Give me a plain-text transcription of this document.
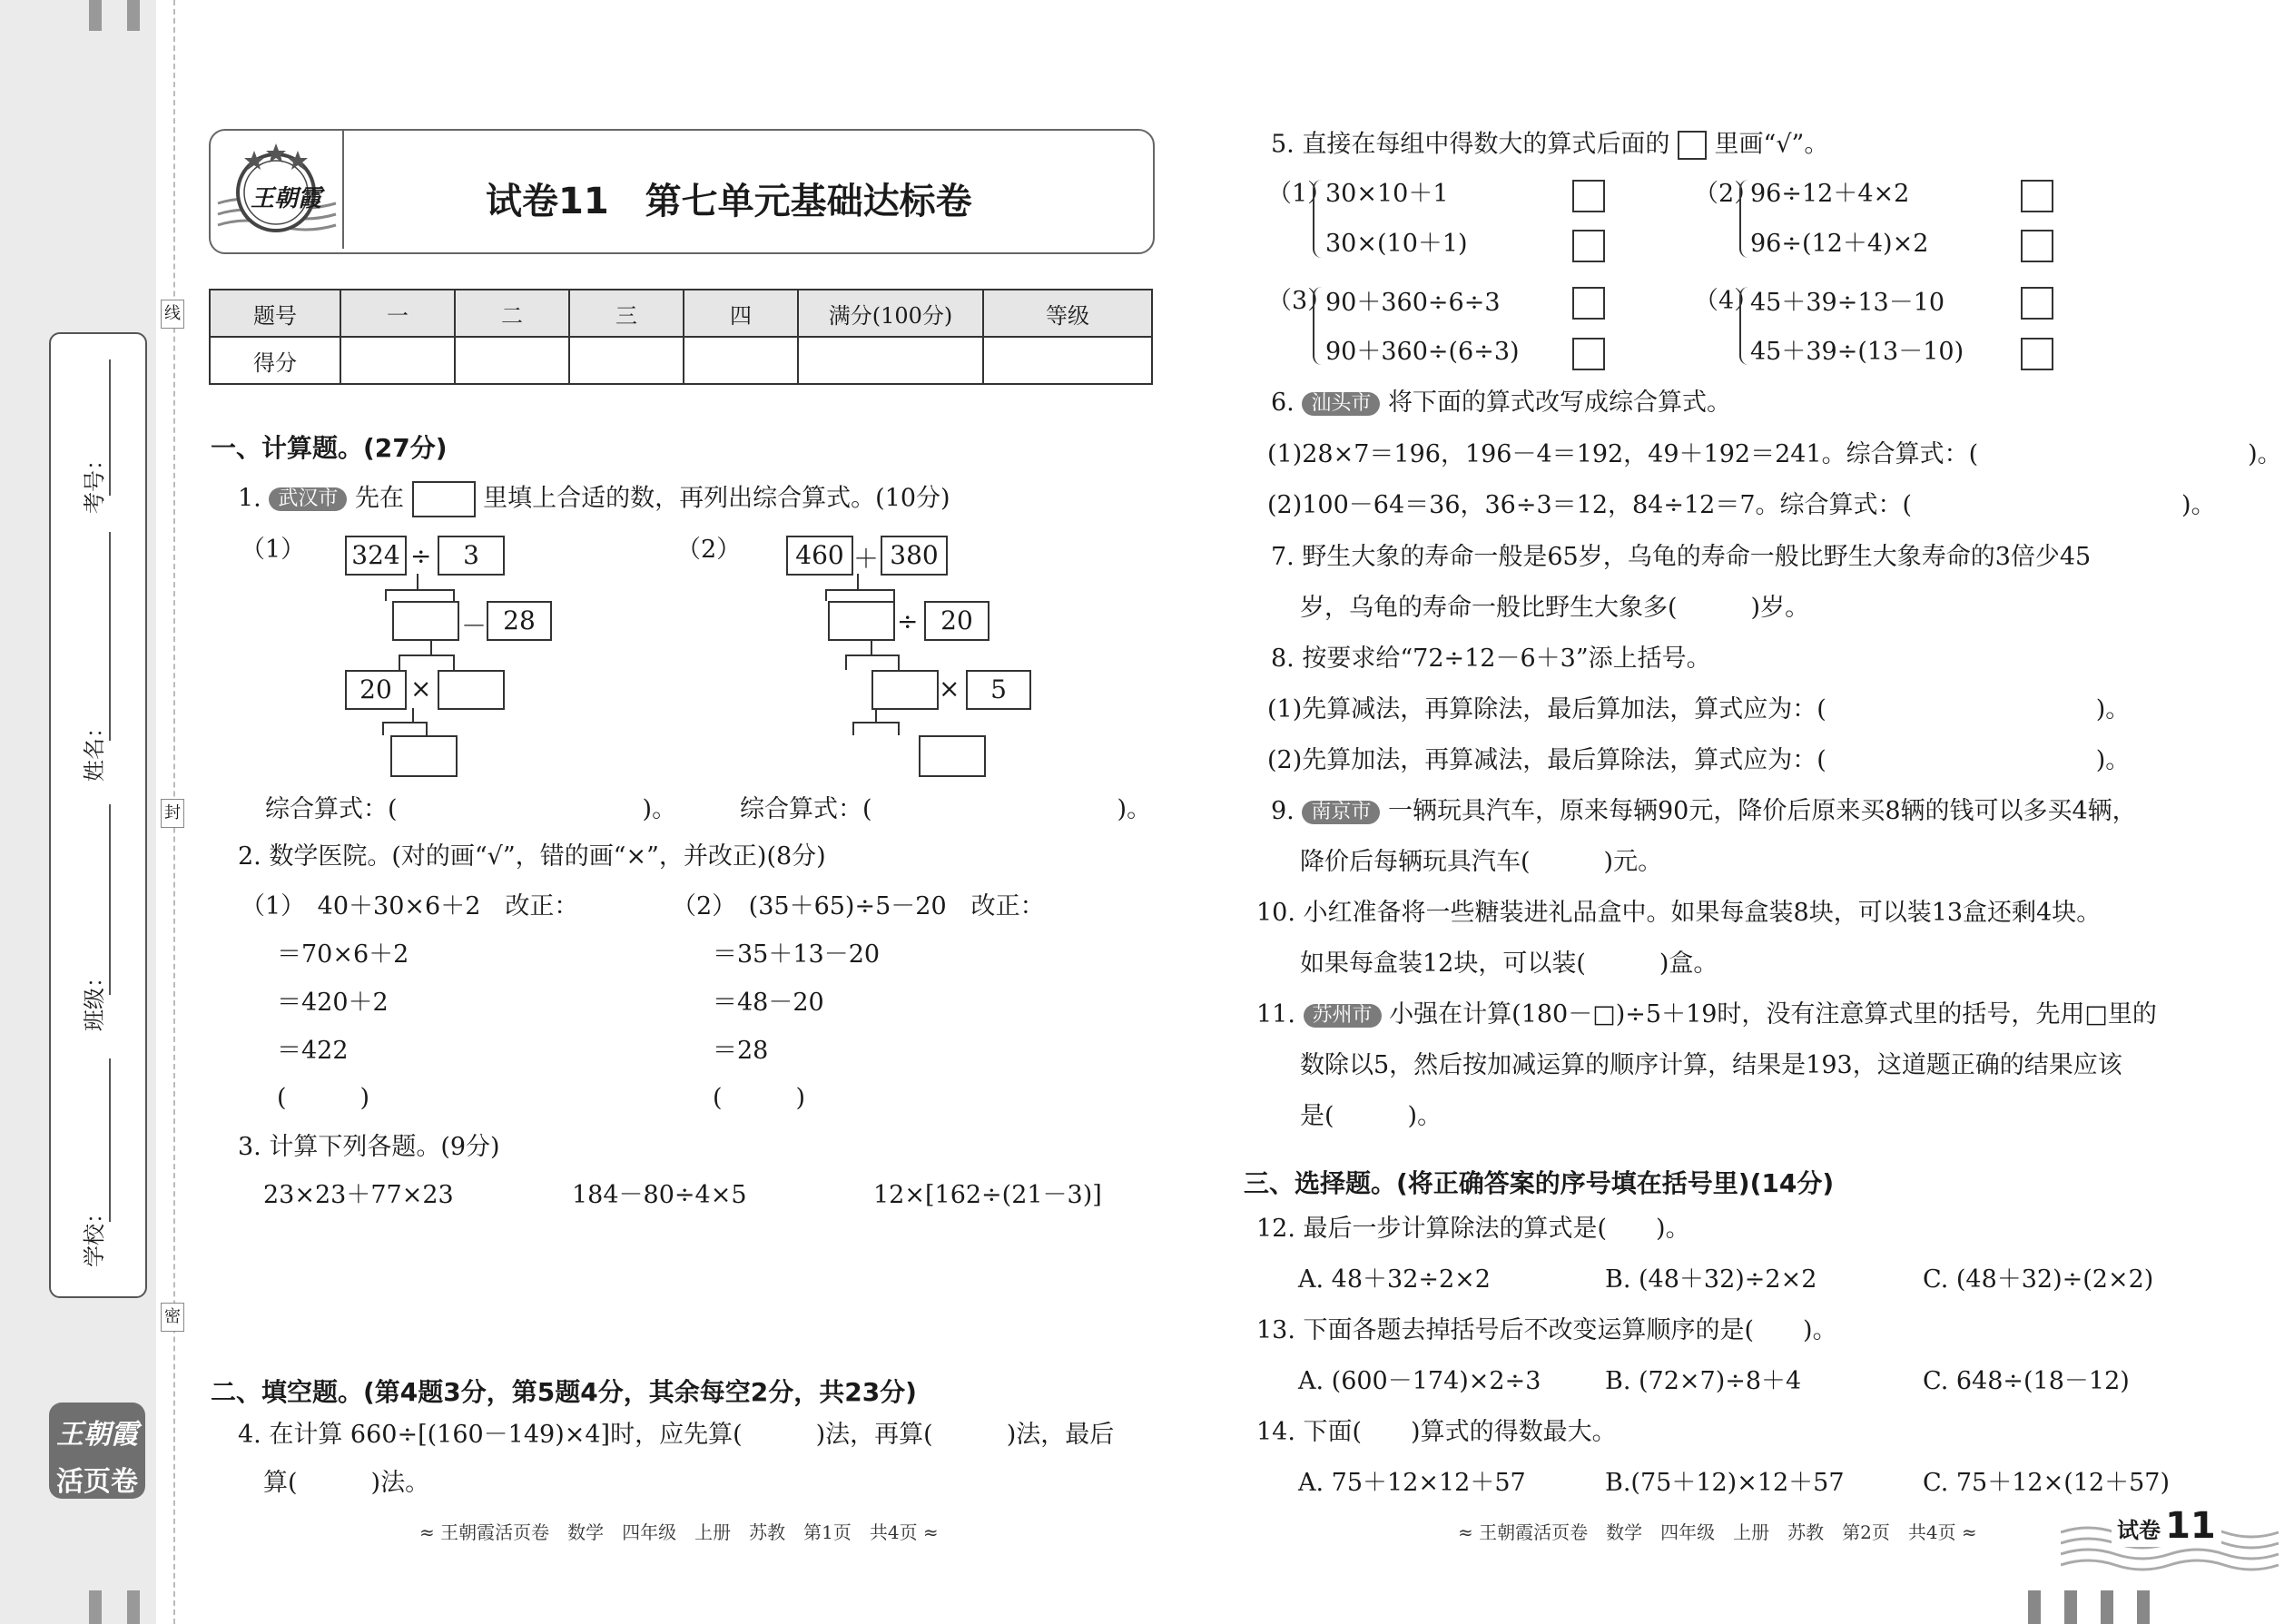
线
封
密
考号：
姓名：
班级：
学校：
王朝霞
活页卷
王朝霞	试卷11　第七单元基础达标卷
题号	一	二	三	四	满分(100分)	等级
得分						
一、计算题。(27分)
1. 武汉市 先在	里填上合适的数，再列出综合算式。(10分)
（1） 324 ÷	3
－ 28
20 ×
（2）	460 ＋ 380
÷ 20
×	5
综合算式：(　　　　　　　　　　)。	综合算式：(　　　　　　　　　　)。
2. 数学医院。(对的画“√”，错的画“×”，并改正)(8分)
（1）　40＋30×6＋2　改正：
＝70×6＋2
＝420＋2
＝422
(　　　)
（2）　(35＋65)÷5－20　改正：
＝35＋13－20
＝48－20
＝28
(　　　)
3. 计算下列各题。(9分)
23×23＋77×23	184－80÷4×5	12×[162÷(21－3)]
二、填空题。(第4题3分，第5题4分，其余每空2分，共23分)
4. 在计算 660÷[(160－149)×4]时，应先算(　　　)法，再算(　　　)法，最后
算(　　　)法。
≈ 王朝霞活页卷　数学　四年级　上册　苏教　第1页　共4页 ≈
5. 直接在每组中得数大的算式后面的 里画“√”。
（1）
30×10＋1
30×(10＋1)
（2）
96÷12＋4×2
96÷(12＋4)×2
（3）
90＋360÷6÷3
90＋360÷(6÷3)
（4）
45＋39÷13－10
45＋39÷(13－10)
6. 汕头市 将下面的算式改写成综合算式。
(1)28×7＝196，196－4＝192，49＋192＝241。综合算式：(　　　　　　　　　　　)。
(2)100－64＝36，36÷3＝12，84÷12＝7。综合算式：(　　　　　　　　　　　)。
7. 野生大象的寿命一般是65岁，乌龟的寿命一般比野生大象寿命的3倍少45
岁，乌龟的寿命一般比野生大象多(　　　)岁。
8. 按要求给“72÷12－6＋3”添上括号。
(1)先算减法，再算除法，最后算加法，算式应为：(　　　　　　　　　　　)。
(2)先算加法，再算减法，最后算除法，算式应为：(　　　　　　　　　　　)。
9. 南京市 一辆玩具汽车，原来每辆90元，降价后原来买8辆的钱可以多买4辆，
降价后每辆玩具汽车(　　　)元。
10. 小红准备将一些糖装进礼品盒中。如果每盒装8块，可以装13盒还剩4块。
如果每盒装12块，可以装(　　　)盒。
11. 苏州市 小强在计算(180－□)÷5＋19时，没有注意算式里的括号，先用□里的
数除以5，然后按加减运算的顺序计算，结果是193，这道题正确的结果应该
是(　　　)。
三、选择题。(将正确答案的序号填在括号里)(14分)
12. 最后一步计算除法的算式是(　　)。
A. 48＋32÷2×2	B. (48＋32)÷2×2	C. (48＋32)÷(2×2)
13. 下面各题去掉括号后不改变运算顺序的是(　　)。
A. (600－174)×2÷3	B. (72×7)÷8＋4	C. 648÷(18－12)
14. 下面(　　)算式的得数最大。
A. 75＋12×12＋57	B.(75＋12)×12＋57	C. 75＋12×(12＋57)
≈ 王朝霞活页卷　数学　四年级　上册　苏教　第2页　共4页 ≈	试卷 11
